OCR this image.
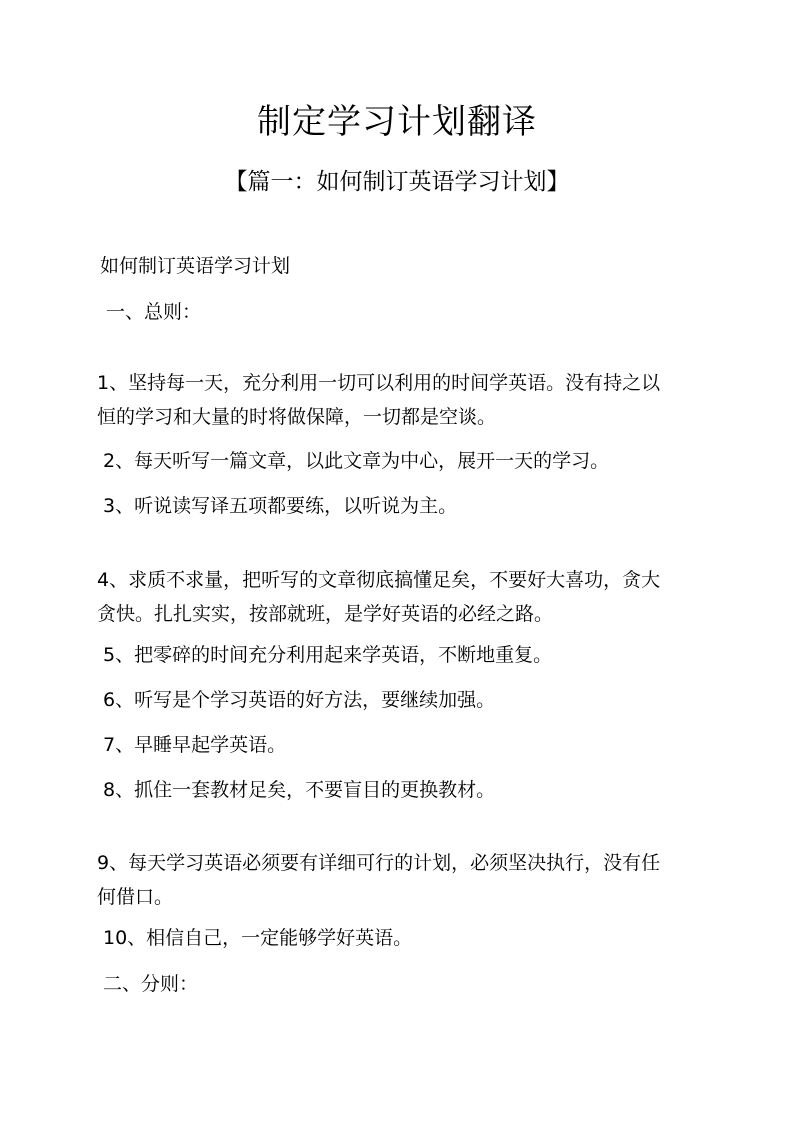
制定学习计划翻译
【篇一：如何制订英语学习计划】
如何制订英语学习计划
一、总则：
1、坚持每一天，充分利用一切可以利用的时间学英语。没有持之以
恒的学习和大量的时将做保障，一切都是空谈。
2、每天听写一篇文章，以此文章为中心，展开一天的学习。
3、听说读写译五项都要练，以听说为主。
4、求质不求量，把听写的文章彻底搞懂足矣，不要好大喜功，贪大
贪快。扎扎实实，按部就班，是学好英语的必经之路。
5、把零碎的时间充分利用起来学英语，不断地重复。
6、听写是个学习英语的好方法，要继续加强。
7、早睡早起学英语。
8、抓住一套教材足矣，不要盲目的更换教材。
9、每天学习英语必须要有详细可行的计划，必须坚决执行，没有任
何借口。
10、相信自己，一定能够学好英语。
二、分则：
